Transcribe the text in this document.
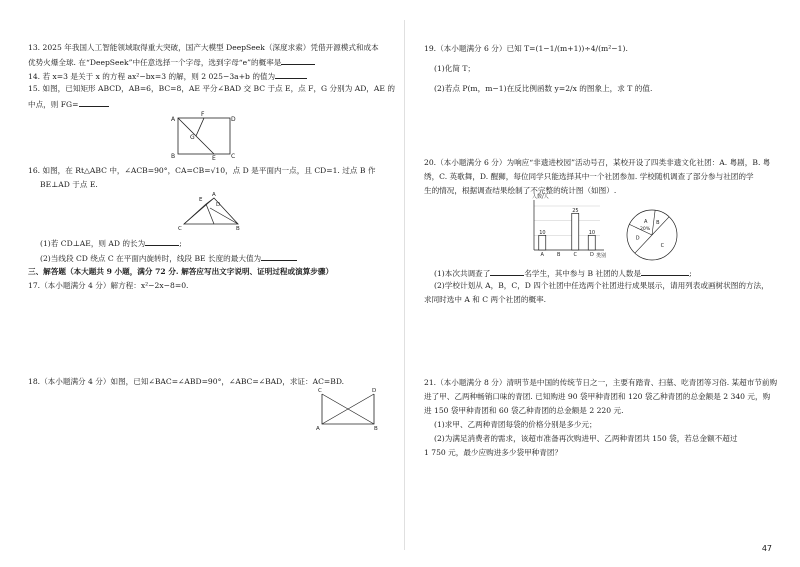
13. 2025 年我国人工智能领域取得重大突破，国产大模型 DeepSeek（深度求索）凭借开源模式和成本
优势火爆全球. 在“DeepSeek”中任意选择一个字母，选到字母“e”的概率是
14. 若 x=3 是关于 x 的方程 ax²−bx=3 的解，则 2 025−3a+b 的值为
15. 如图，已知矩形 ABCD，AB=6，BC=8，AE 平分∠BAD 交 BC 于点 E，点 F，G 分别为 AD，AE 的
中点，则 FG=
A
F
D
G
B	E	C
16. 如图，在 Rt△ABC 中，∠ACB=90°，CA=CB=√10，点 D 是平面内一点，且 CD=1. 过点 B 作
BE⊥AD 于点 E.
E
D
A
C	B
(1)若 CD⊥AE，则 AD 的长为	;
(2)当线段 CD 绕点 C 在平面内旋转时，线段 BE 长度的最大值为
三、解答题（本大题共 9 小题，满分 72 分. 解答应写出文字说明、证明过程或演算步骤）
17.（本小题满分 4 分）解方程：x²−2x−8=0.
18.（本小题满分 4 分）如图，已知∠BAC=∠ABD=90°，∠ABC=∠BAD，求证：AC=BD.
C	D
A	B
19.（本小题满分 6 分）已知 T=(1−1/(m+1))÷4/(m²−1).
(1)化简 T；
(2)若点 P(m，m−1)在反比例函数 y=2/x 的图象上，求 T 的值.
20.（本小题满分 6 分）为响应“非遗进校园”活动号召，某校开设了四类非遗文化社团：A. 粤剧，B. 粤
绣，C. 英歌舞，D. 醒狮，每位同学只能选择其中一个社团参加. 学校随机调查了部分参与社团的学
生的情况，根据调查结果绘制了不完整的统计图（如图）.
人数/人
类别
10
A	B
25
C
10
D
A
20%
B
C
D
(1)本次共调查了	名学生，其中参与 B 社团的人数是	;
(2)学校计划从 A，B，C，D 四个社团中任选两个社团进行成果展示，请用列表或画树状图的方法，
求同时选中 A 和 C 两个社团的概率.
21.（本小题满分 8 分）清明节是中国的传统节日之一，主要有踏青、扫墓、吃青团等习俗. 某超市节前购
进了甲、乙两种畅销口味的青团. 已知购进 90 袋甲种青团和 120 袋乙种青团的总金额是 2 340 元，购
进 150 袋甲种青团和 60 袋乙种青团的总金额是 2 220 元.
(1)求甲、乙两种青团每袋的价格分别是多少元；
(2)为满足消费者的需求，该超市准备再次购进甲、乙两种青团共 150 袋，若总金额不超过
1 750 元，最少应购进多少袋甲种青团？
47
